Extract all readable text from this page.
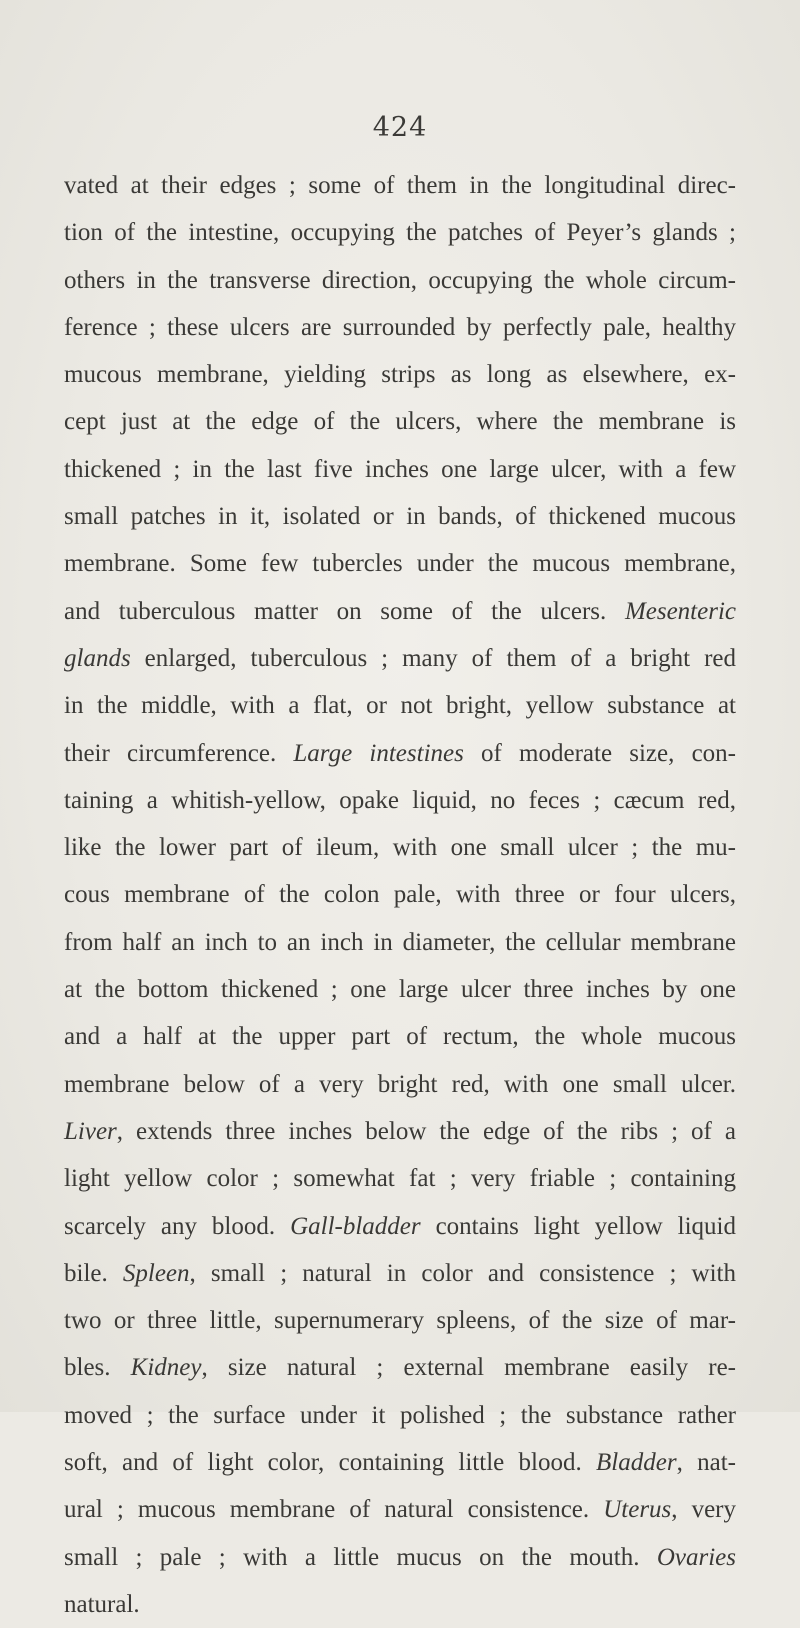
424
vated at their edges ; some of them in the longitudinal direc-
tion of the intestine, occupying the patches of Peyer’s glands ;
others in the transverse direction, occupying the whole circum-
ference ; these ulcers are surrounded by perfectly pale, healthy
mucous membrane, yielding strips as long as elsewhere, ex-
cept just at the edge of the ulcers, where the membrane is
thickened ; in the last five inches one large ulcer, with a few
small patches in it, isolated or in bands, of thickened mucous
membrane. Some few tubercles under the mucous membrane,
and tuberculous matter on some of the ulcers. Mesenteric
glands enlarged, tuberculous ; many of them of a bright red
in the middle, with a flat, or not bright, yellow substance at
their circumference. Large intestines of moderate size, con-
taining a whitish-yellow, opake liquid, no feces ; cæcum red,
like the lower part of ileum, with one small ulcer ; the mu-
cous membrane of the colon pale, with three or four ulcers,
from half an inch to an inch in diameter, the cellular membrane
at the bottom thickened ; one large ulcer three inches by one
and a half at the upper part of rectum, the whole mucous
membrane below of a very bright red, with one small ulcer.
Liver, extends three inches below the edge of the ribs ; of a
light yellow color ; somewhat fat ; very friable ; containing
scarcely any blood. Gall-bladder contains light yellow liquid
bile. Spleen, small ; natural in color and consistence ; with
two or three little, supernumerary spleens, of the size of mar-
bles. Kidney, size natural ; external membrane easily re-
moved ; the surface under it polished ; the substance rather
soft, and of light color, containing little blood. Bladder, nat-
ural ; mucous membrane of natural consistence. Uterus, very
small ; pale ; with a little mucus on the mouth. Ovaries
natural.
